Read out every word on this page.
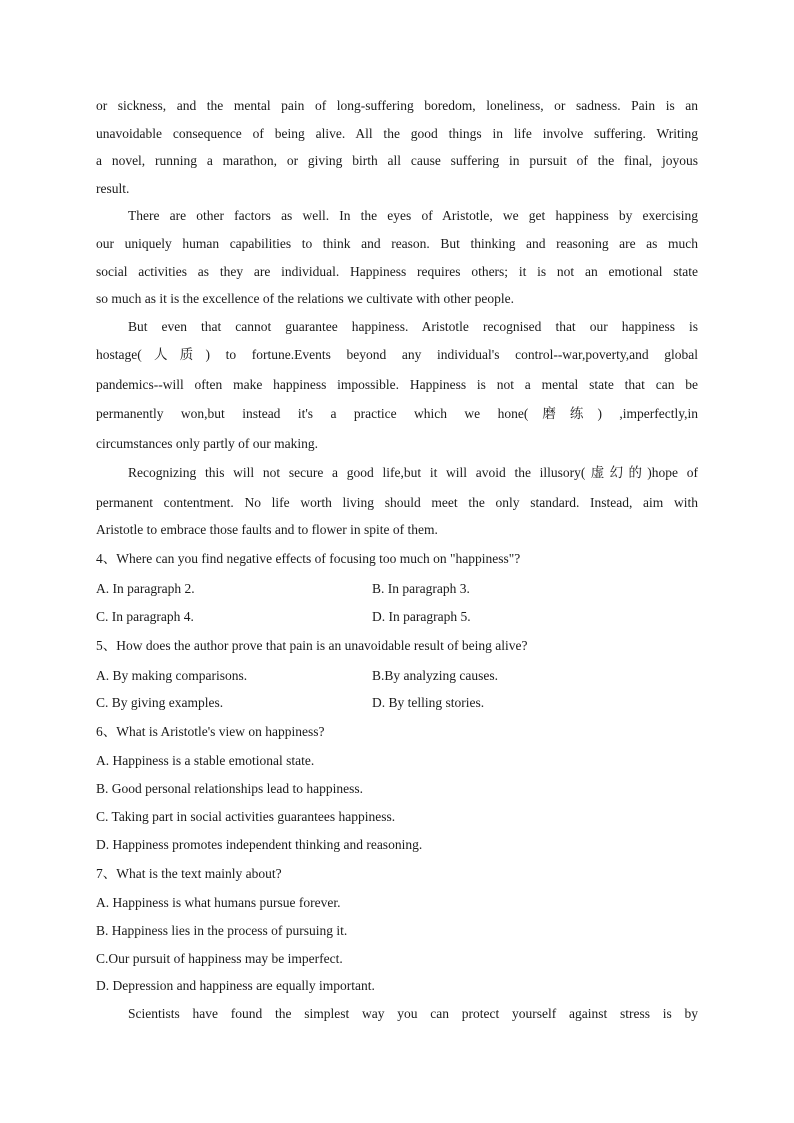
or sickness, and the mental pain of long-suffering boredom, loneliness, or sadness. Pain is an
unavoidable consequence of being alive. All the good things in life involve suffering. Writing
a novel, running a marathon, or giving birth all cause suffering in pursuit of the final, joyous
result.
There are other factors as well. In the eyes of Aristotle, we get happiness by exercising
our uniquely human capabilities to think and reason. But thinking and reasoning are as much
social activities as they are individual. Happiness requires others; it is not an emotional state
so much as it is the excellence of the relations we cultivate with other people.
But even that cannot guarantee happiness. Aristotle recognised that our happiness is
hostage(人质) to fortune.Events beyond any individual's control--war,poverty,and global
pandemics--will often make happiness impossible. Happiness is not a mental state that can be
permanently won,but instead it's a practice which we hone(磨练) ,imperfectly,in
circumstances only partly of our making.
Recognizing this will not secure a good life,but it will avoid the illusory(虚幻的)hope of
permanent contentment. No life worth living should meet the only standard. Instead, aim with
Aristotle to embrace those faults and to flower in spite of them.
4、Where can you find negative effects of focusing too much on "happiness"?
A. In paragraph 2.	B. In paragraph 3.
C. In paragraph 4.	D. In paragraph 5.
5、How does the author prove that pain is an unavoidable result of being alive?
A. By making comparisons.	B.By analyzing causes.
C. By giving examples.	D. By telling stories.
6、What is Aristotle's view on happiness?
A. Happiness is a stable emotional state.
B. Good personal relationships lead to happiness.
C. Taking part in social activities guarantees happiness.
D. Happiness promotes independent thinking and reasoning.
7、What is the text mainly about?
A. Happiness is what humans pursue forever.
B. Happiness lies in the process of pursuing it.
C.Our pursuit of happiness may be imperfect.
D. Depression and happiness are equally important.
Scientists have found the simplest way you can protect yourself against stress is by
